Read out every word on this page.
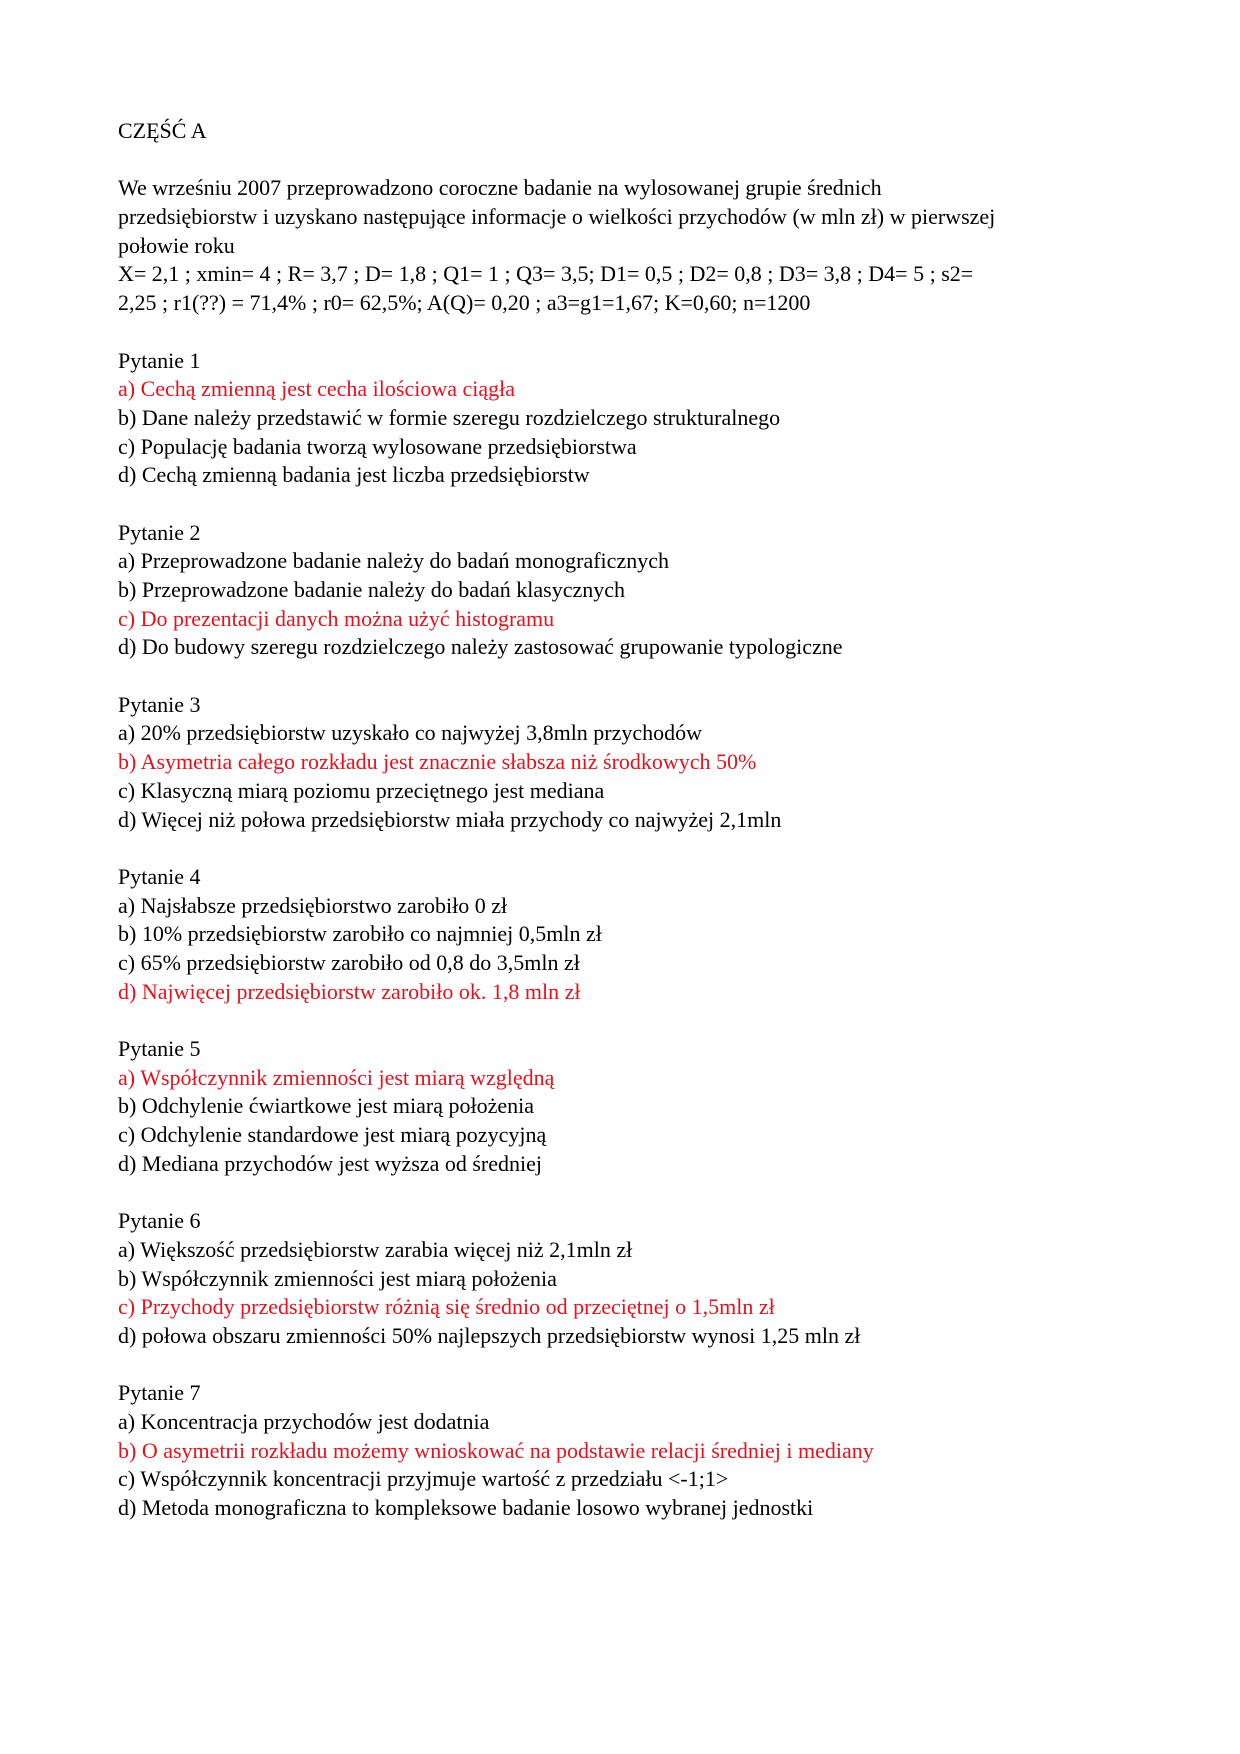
CZĘŚĆ A
We wrześniu 2007 przeprowadzono coroczne badanie na wylosowanej grupie średnich
przedsiębiorstw i uzyskano następujące informacje o wielkości przychodów (w mln zł) w pierwszej
połowie roku
X= 2,1 ; xmin= 4 ; R= 3,7 ; D= 1,8 ; Q1= 1 ; Q3= 3,5; D1= 0,5 ; D2= 0,8 ; D3= 3,8 ; D4= 5 ; s2=
2,25 ; r1(??) = 71,4% ; r0= 62,5%; A(Q)= 0,20 ; a3=g1=1,67; K=0,60; n=1200
Pytanie 1
a) Cechą zmienną jest cecha ilościowa ciągła
b) Dane należy przedstawić w formie szeregu rozdzielczego strukturalnego
c) Populację badania tworzą wylosowane przedsiębiorstwa
d) Cechą zmienną badania jest liczba przedsiębiorstw
Pytanie 2
a) Przeprowadzone badanie należy do badań monograficznych
b) Przeprowadzone badanie należy do badań klasycznych
c) Do prezentacji danych można użyć histogramu
d) Do budowy szeregu rozdzielczego należy zastosować grupowanie typologiczne
Pytanie 3
a) 20% przedsiębiorstw uzyskało co najwyżej 3,8mln przychodów
b) Asymetria całego rozkładu jest znacznie słabsza niż środkowych 50%
c) Klasyczną miarą poziomu przeciętnego jest mediana
d) Więcej niż połowa przedsiębiorstw miała przychody co najwyżej 2,1mln
Pytanie 4
a) Najsłabsze przedsiębiorstwo zarobiło 0 zł
b) 10% przedsiębiorstw zarobiło co najmniej 0,5mln zł
c) 65% przedsiębiorstw zarobiło od 0,8 do 3,5mln zł
d) Najwięcej przedsiębiorstw zarobiło ok. 1,8 mln zł
Pytanie 5
a) Współczynnik zmienności jest miarą względną
b) Odchylenie ćwiartkowe jest miarą położenia
c) Odchylenie standardowe jest miarą pozycyjną
d) Mediana przychodów jest wyższa od średniej
Pytanie 6
a) Większość przedsiębiorstw zarabia więcej niż 2,1mln zł
b) Współczynnik zmienności jest miarą położenia
c) Przychody przedsiębiorstw różnią się średnio od przeciętnej o 1,5mln zł
d) połowa obszaru zmienności 50% najlepszych przedsiębiorstw wynosi 1,25 mln zł
Pytanie 7
a) Koncentracja przychodów jest dodatnia
b) O asymetrii rozkładu możemy wnioskować na podstawie relacji średniej i mediany
c) Współczynnik koncentracji przyjmuje wartość z przedziału <-1;1>
d) Metoda monograficzna to kompleksowe badanie losowo wybranej jednostki
